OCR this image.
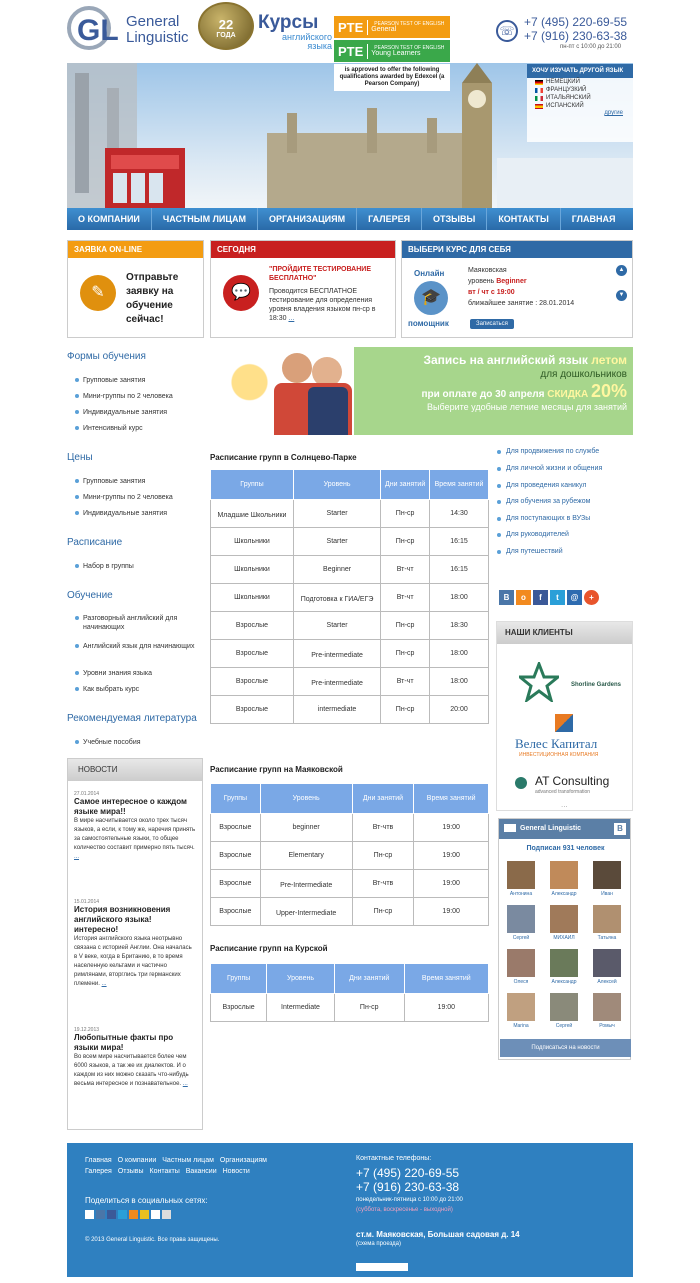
GL General
Linguistic
22
ГОДА
Курсы
английского языка
PTE	PEARSON TEST OF ENGLISH
General
PTE	PEARSON TEST OF ENGLISH
Young Learners
☏
+7 (495) 220-69-55
+7 (916) 230-63-38
пн-пт с 10:00 до 21:00
is approved to offer the following qualifications awarded by Edexcel (a Pearson Company)
ХОЧУ ИЗУЧАТЬ ДРУГОЙ ЯЗЫК
НЕМЕЦКИЙ
ФРАНЦУЗКИЙ
ИТАЛЬЯНСКИЙ
ИСПАНСКИЙ
другие
О КОМПАНИИ	ЧАСТНЫМ ЛИЦАМ	ОРГАНИЗАЦИЯМ	ГАЛЕРЕЯ	ОТЗЫВЫ	КОНТАКТЫ	ГЛАВНАЯ
ЗАЯВКА ON-LINE
✎
Отправьте заявку на обучение сейчас!
СЕГОДНЯ
💬
"ПРОЙДИТЕ ТЕСТИРОВАНИЕ БЕСПЛАТНО"
Проводится БЕСПЛАТНОЕ тестирование для определения уровня владения языком пн-ср в 18:30 ...
ВЫБЕРИ КУРС ДЛЯ СЕБЯ
Онлайн
🎓
помощник
Маяковская
уровень Beginner
вт / чт с 19:00
ближайшее занятие : 28.01.2014
Записаться
▲
▼
Формы обучения
Групповые занятия
Мини-группы по 2 человека
Индивидуальные занятия
Интенсивный курс
Цены
Групповые занятия
Мини-группы по 2 человека
Индивидуальные занятия
Расписание
Набор в группы
Обучение
Разговорный английский для начинающих
Английский язык для начинающих
Уровни знания языка
Как выбрать курс
Рекомендуемая литература
Учебные пособия
Запись на английский язык летом
для дошкольников
при оплате до 30 апреля СКИДКА 20%
Выберите удобные летние месяцы для занятий
Расписание групп в Солнцево-Парке
Группы	Уровень	Дни занятий	Время занятий
Младшие Школьники	Starter	Пн-ср	14:30
Школьники	Starter	Пн-ср	16:15
Школьники	Beginner	Вт-чт	16:15
Школьники	Подготовка к ГИА/ЕГЭ	Вт-чт	18:00
Взрослые	Starter	Пн-ср	18:30
Взрослые	Pre-intermediate	Пн-ср	18:00
Взрослые	Pre-intermediate	Вт-чт	18:00
Взрослые	intermediate	Пн-ср	20:00
Расписание групп на Маяковской
Группы	Уровень	Дни занятий	Время занятий
Взрослые	beginner	Вт-чтв	19:00
Взрослые	Elementary	Пн-ср	19:00
Взрослые	Pre-Intermediate	Вт-чтв	19:00
Взрослые	Upper-Intermediate	Пн-ср	19:00
Расписание групп на Курской
Группы	Уровень	Дни занятий	Время занятий
Взрослые	Intermediate	Пн-ср	19:00
Для продвижения по службе
Для личной жизни и общения
Для проведения каникул
Для обучения за рубежом
Для поступающих в ВУЗы
Для руководителей
Для путешествий
В	о	f	t	@	+
НАШИ КЛИЕНТЫ
Shorline Gardens
Велес Капитал
ИНВЕСТИЦИОННАЯ КОМПАНИЯ
AT Consulting
advanced transformation
...
General Linguistic	B
Подписан 931 человек
Антонина	Александр	Иван
Сергей	МИХАИЛ	Татьяна
Олеся	Александр	Алексей
Marina	Сергей	Ромыч
Подписаться на новости
НОВОСТИ
27.01.2014
Самое интересное о каждом языке мира!!
В мире насчитывается около трех тысяч языков, а если, к тому же, наречия принять за самостоятельные языки, то общее количество составит примерно пять тысяч. ...
15.01.2014
История возникновения английского языка! интересно!
История английского языка неотрывно связана с историей Англии. Она началась в V веке, когда в Британию, в то время населенную кельтами и частично римлянами, вторглись три германских племени. ...
19.12.2013
Любопытные факты про языки мира!
Во всем мире насчитывается более чем 6000 языков, а так же их диалектов. И о каждом из них можно сказать что-нибудь весьма интересное и познавательное. ...
Главная О компании Частным лицам Организациям
Галерея Отзывы Контакты Вакансии Новости
Поделиться в социальных сетях:
© 2013 General Linguistic. Все права защищены.
Контактные телефоны:
+7 (495) 220-69-55
+7 (916) 230-63-38
понедельник-пятница с 10:00 до 21:00
(суббота, воскресенье - выходной)
ст.м. Маяковская, Большая садовая д. 14
(схема проезда)
